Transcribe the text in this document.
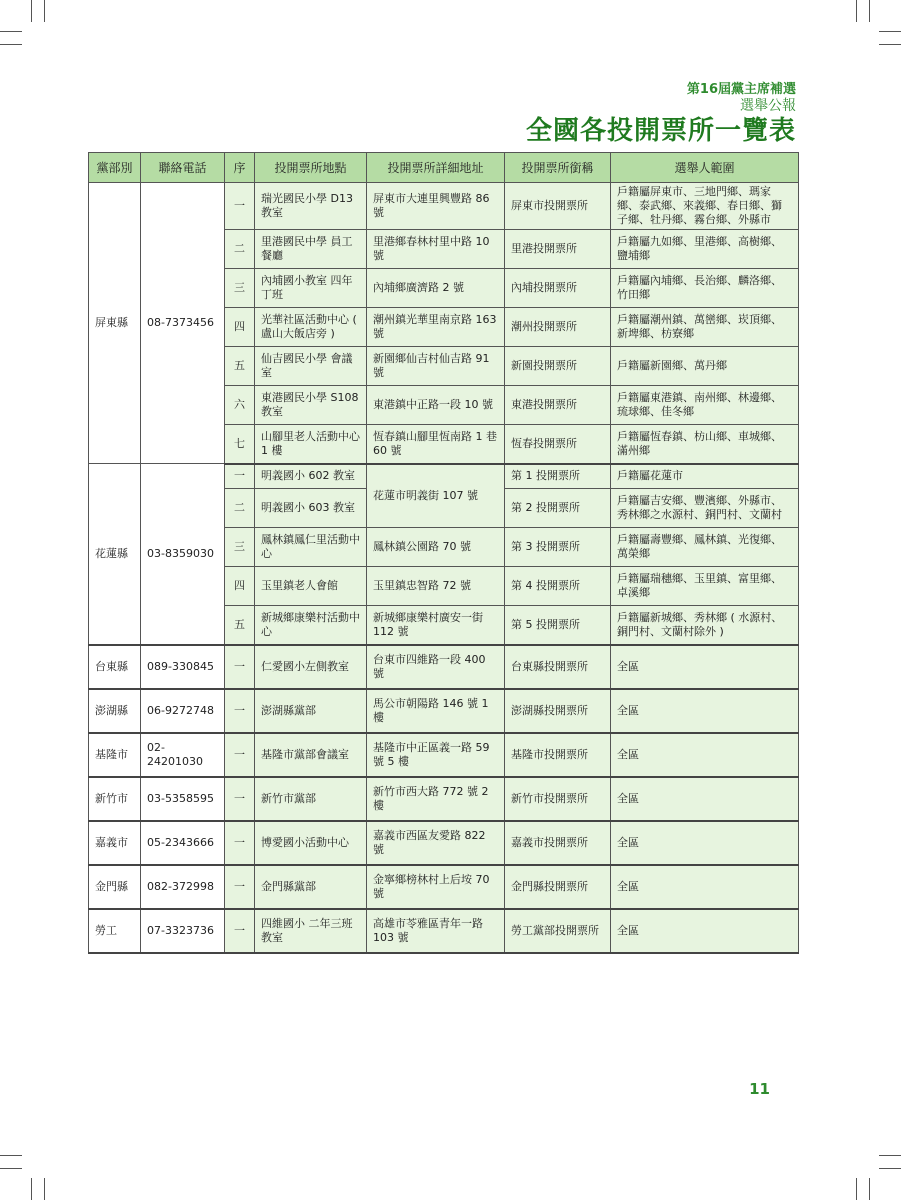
第16屆黨主席補選
選舉公報
全國各投開票所一覽表
黨部別	聯絡電話	序	投開票所地點	投開票所詳細地址	投開票所銜稱	選舉人範圍
屏東縣	08-7373456	一	瑞光國民小學 D13 教室	屏東市大連里興豐路 86 號	屏東市投開票所	戶籍屬屏東市、三地門鄉、瑪家鄉、泰武鄉、來義鄉、春日鄉、獅子鄉、牡丹鄉、霧台鄉、外縣市
		二	里港國民中學 員工餐廳	里港鄉春林村里中路 10 號	里港投開票所	戶籍屬九如鄉、里港鄉、高樹鄉、鹽埔鄉
		三	內埔國小教室 四年丁班	內埔鄉廣濟路 2 號	內埔投開票所	戶籍屬內埔鄉、長治鄉、麟洛鄉、竹田鄉
		四	光華社區活動中心 ( 盧山大飯店旁 )	潮州鎮光華里南京路 163 號	潮州投開票所	戶籍屬潮州鎮、萬巒鄉、崁頂鄉、新埤鄉、枋寮鄉
		五	仙吉國民小學 會議室	新園鄉仙吉村仙吉路 91 號	新園投開票所	戶籍屬新園鄉、萬丹鄉
		六	東港國民小學 S108 教室	東港鎮中正路一段 10 號	東港投開票所	戶籍屬東港鎮、南州鄉、林邊鄉、琉球鄉、佳冬鄉
		七	山腳里老人活動中心 1 樓	恆春鎮山腳里恆南路 1 巷 60 號	恆春投開票所	戶籍屬恆春鎮、枋山鄉、車城鄉、滿州鄉
花蓮縣	03-8359030	一	明義國小 602 教室	花蓮市明義街 107 號	第 1 投開票所	戶籍屬花蓮市
		二	明義國小 603 教室		第 2 投開票所	戶籍屬吉安鄉、豐濱鄉、外縣市、秀林鄉之水源村、銅門村、文蘭村
		三	鳳林鎮鳳仁里活動中心	鳳林鎮公園路 70 號	第 3 投開票所	戶籍屬壽豐鄉、鳳林鎮、光復鄉、萬榮鄉
		四	玉里鎮老人會館	玉里鎮忠智路 72 號	第 4 投開票所	戶籍屬瑞穗鄉、玉里鎮、富里鄉、卓溪鄉
		五	新城鄉康樂村活動中心	新城鄉康樂村廣安一街 112 號	第 5 投開票所	戶籍屬新城鄉、秀林鄉 ( 水源村、銅門村、文蘭村除外 )
台東縣	089-330845	一	仁愛國小左側教室	台東市四維路一段 400 號	台東縣投開票所	全區
澎湖縣	06-9272748	一	澎湖縣黨部	馬公市朝陽路 146 號 1 樓	澎湖縣投開票所	全區
基隆市	02-24201030	一	基隆市黨部會議室	基隆市中正區義一路 59 號 5 樓	基隆市投開票所	全區
新竹市	03-5358595	一	新竹市黨部	新竹市西大路 772 號 2 樓	新竹市投開票所	全區
嘉義市	05-2343666	一	博愛國小活動中心	嘉義市西區友愛路 822 號	嘉義市投開票所	全區
金門縣	082-372998	一	金門縣黨部	金寧鄉榜林村上后垵 70 號	金門縣投開票所	全區
勞工	07-3323736	一	四維國小 二年三班教室	高雄市苓雅區青年一路 103 號	勞工黨部投開票所	全區
11
